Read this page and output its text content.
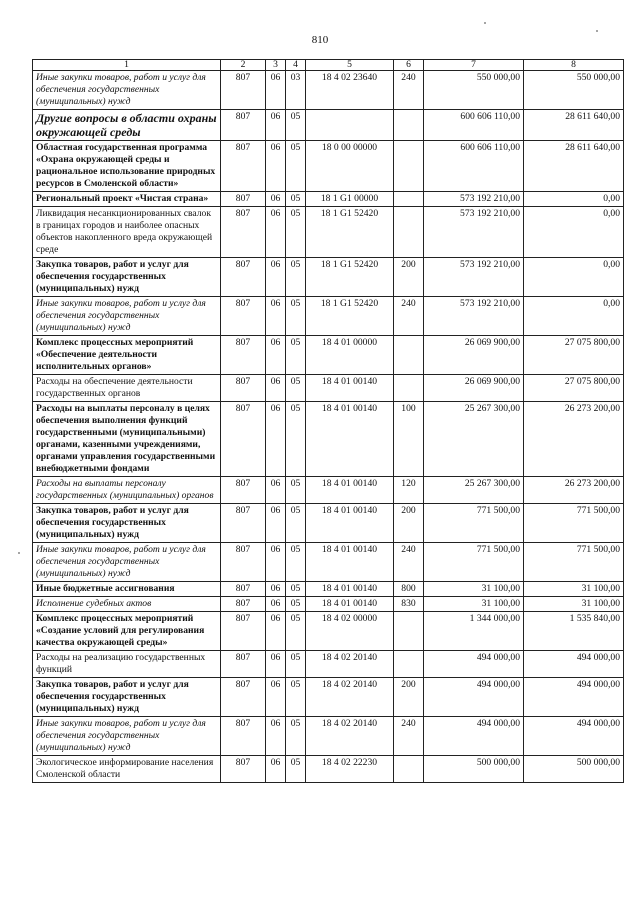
810
1	2	3	4	5	6	7	8
Иные закупки товаров, работ и услуг для обеспечения государственных (муниципальных) нужд	807	06	03	18 4 02 23640	240	550 000,00	550 000,00
Другие вопросы в области охраны окружающей среды	807	06	05			600 606 110,00	28 611 640,00
Областная государственная программа «Охрана окружающей среды и рациональное использование природных ресурсов в Смоленской области»	807	06	05	18 0 00 00000		600 606 110,00	28 611 640,00
Региональный проект «Чистая страна»	807	06	05	18 1 G1 00000		573 192 210,00	0,00
Ликвидация несанкционированных свалок в границах городов и наиболее опасных объектов накопленного вреда окружающей среде	807	06	05	18 1 G1 52420		573 192 210,00	0,00
Закупка товаров, работ и услуг для обеспечения государственных (муниципальных) нужд	807	06	05	18 1 G1 52420	200	573 192 210,00	0,00
Иные закупки товаров, работ и услуг для обеспечения государственных (муниципальных) нужд	807	06	05	18 1 G1 52420	240	573 192 210,00	0,00
Комплекс процессных мероприятий «Обеспечение деятельности исполнительных органов»	807	06	05	18 4 01 00000		26 069 900,00	27 075 800,00
Расходы на обеспечение деятельности государственных органов	807	06	05	18 4 01 00140		26 069 900,00	27 075 800,00
Расходы на выплаты персоналу в целях обеспечения выполнения функций государственными (муниципальными) органами, казенными учреждениями, органами управления государственными внебюджетными фондами	807	06	05	18 4 01 00140	100	25 267 300,00	26 273 200,00
Расходы на выплаты персоналу государственных (муниципальных) органов	807	06	05	18 4 01 00140	120	25 267 300,00	26 273 200,00
Закупка товаров, работ и услуг для обеспечения государственных (муниципальных) нужд	807	06	05	18 4 01 00140	200	771 500,00	771 500,00
Иные закупки товаров, работ и услуг для обеспечения государственных (муниципальных) нужд	807	06	05	18 4 01 00140	240	771 500,00	771 500,00
Иные бюджетные ассигнования	807	06	05	18 4 01 00140	800	31 100,00	31 100,00
Исполнение судебных актов	807	06	05	18 4 01 00140	830	31 100,00	31 100,00
Комплекс процессных мероприятий «Создание условий для регулирования качества окружающей среды»	807	06	05	18 4 02 00000		1 344 000,00	1 535 840,00
Расходы на реализацию государственных функций	807	06	05	18 4 02 20140		494 000,00	494 000,00
Закупка товаров, работ и услуг для обеспечения государственных (муниципальных) нужд	807	06	05	18 4 02 20140	200	494 000,00	494 000,00
Иные закупки товаров, работ и услуг для обеспечения государственных (муниципальных) нужд	807	06	05	18 4 02 20140	240	494 000,00	494 000,00
Экологическое информирование населения Смоленской области	807	06	05	18 4 02 22230		500 000,00	500 000,00
